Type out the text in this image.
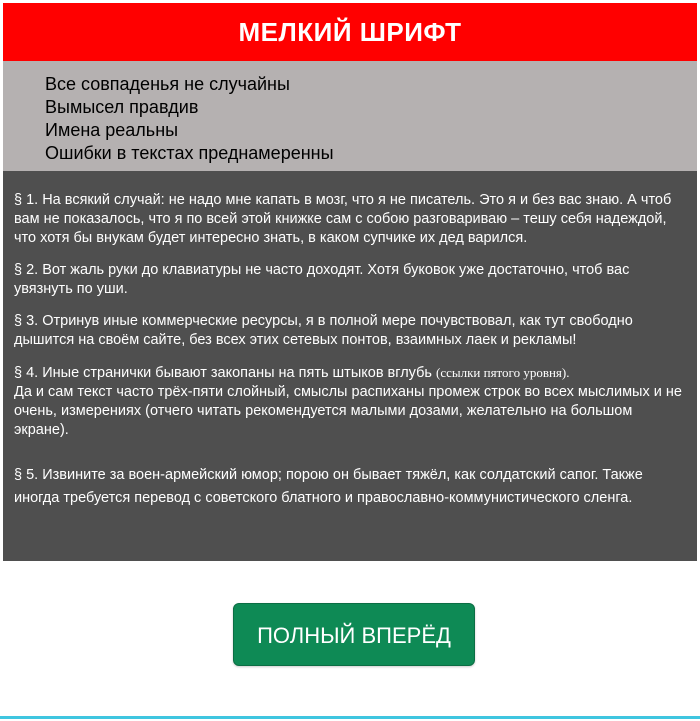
МЕЛКИЙ ШРИФТ
Все совпаденья не случайны
Вымысел правдив
Имена реальны
Ошибки в текстах преднамеренны

§ 1. На всякий случай: не надо мне капать в мозг, что я не писатель. Это я и без вас знаю. А чтоб вам не показалось, что я по всей этой книжке сам с собою разговариваю – тешу себя надеждой, что хотя бы внукам будет интересно знать, в каком супчике их дед варился.

§ 2. Вот жаль руки до клавиатуры не часто доходят. Хотя буковок уже достаточно, чтоб вас увязнуть по уши.

§ 3. Отринув иные коммерческие ресурсы, я в полной мере почувствовал, как тут свободно дышится на своём сайте, без всех этих сетевых понтов, взаимных лаек и рекламы!

§ 4. Иные странички бывают закопаны на пять штыков вглубь (ссылки пятого уровня).
Да и сам текст часто трёх-пяти слойный, смыслы распиханы промеж строк во всех мыслимых и не очень, измерениях (отчего читать рекомендуется малыми дозами, желательно на большом экране).

§ 5. Извините за воен-армейский юмор; порою он бывает тяжёл, как солдатский сапог. Также иногда требуется перевод с советского блатного и православно-коммунистического сленга.

ПОЛНЫЙ ВПЕРЁД
